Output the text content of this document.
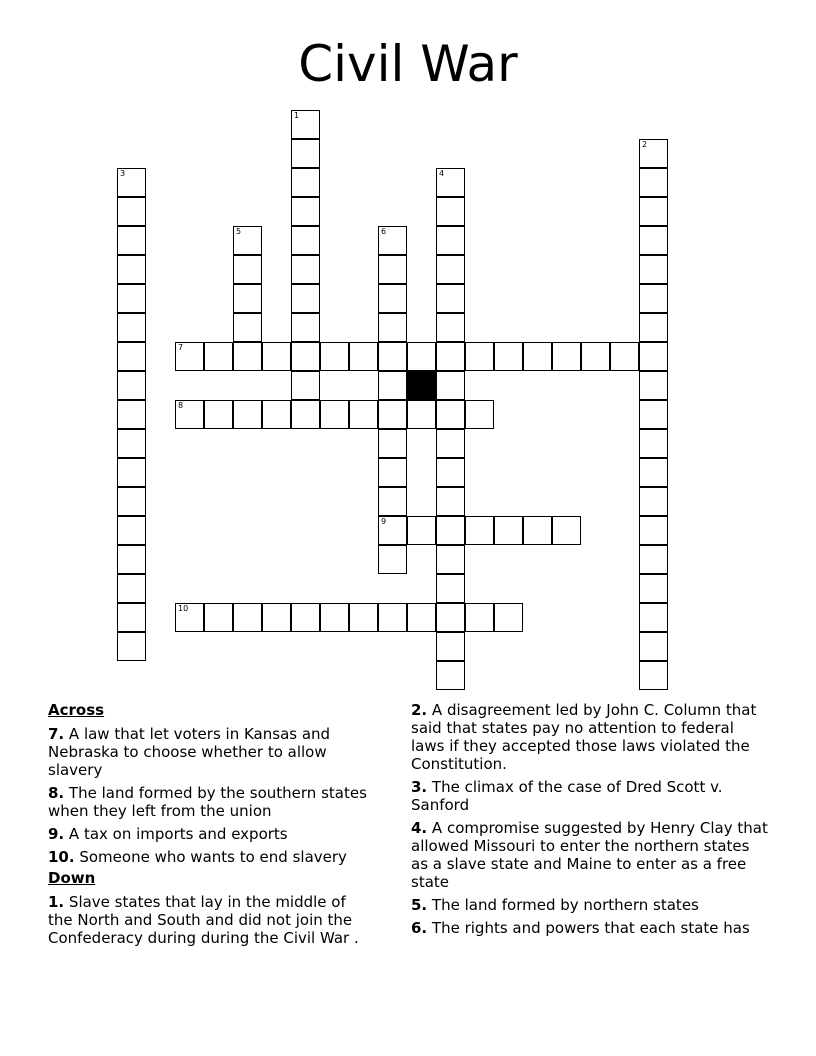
Civil War
1
2
3	4
5	6
9
7
8
10
Across
7. A law that let voters in Kansas and Nebraska to choose whether to allow slavery
8. The land formed by the southern states when they left from the union
9. A tax on imports and exports
10. Someone who wants to end slavery
Down
1. Slave states that lay in the middle of the North and South and did not join the Confederacy during during the Civil War .
2. A disagreement led by John C. Column that said that states pay no attention to federal laws if they accepted those laws violated the Constitution.
3. The climax of the case of Dred Scott v. Sanford
4. A compromise suggested by Henry Clay that allowed Missouri to enter the northern states as a slave state and Maine to enter as a free state
5. The land formed by northern states
6. The rights and powers that each state has
